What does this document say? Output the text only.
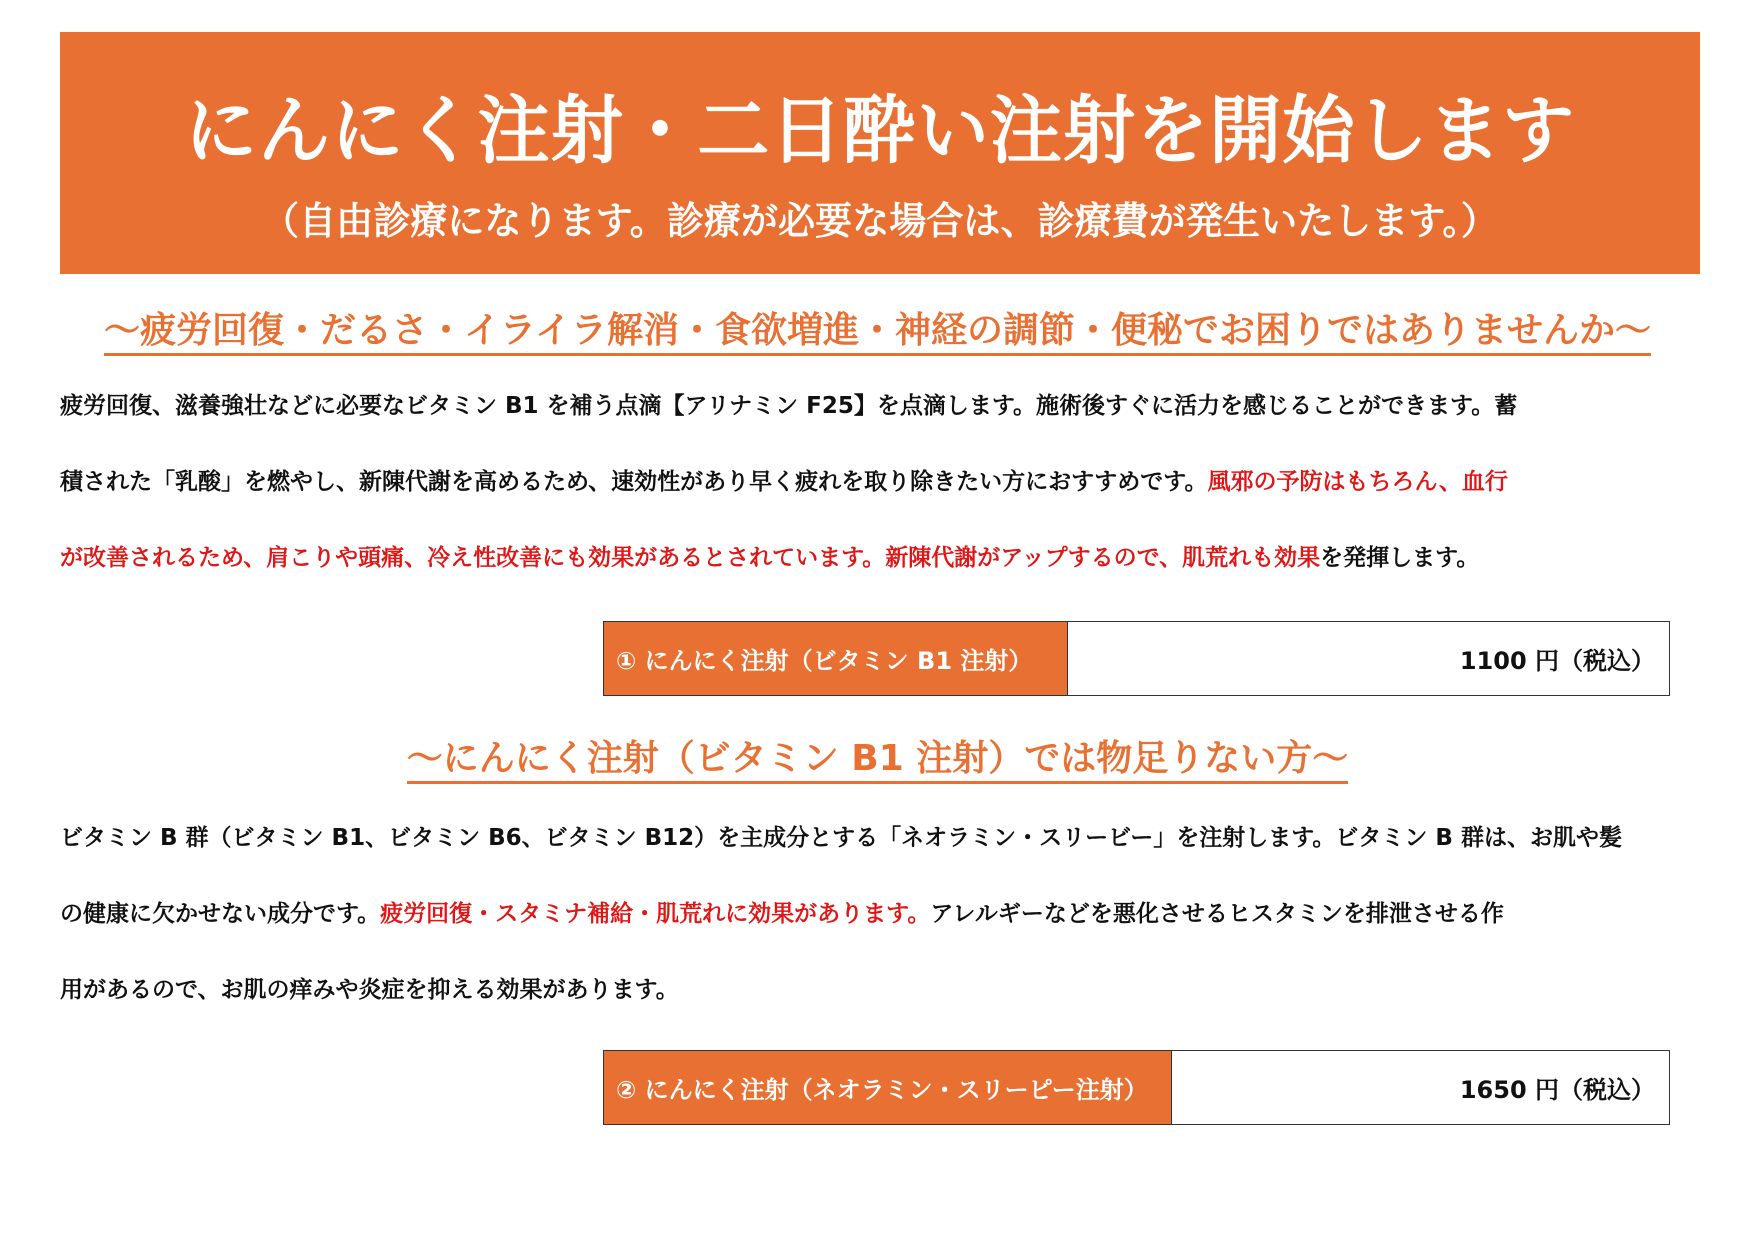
にんにく注射・二日酔い注射を開始します
（自由診療になります。診療が必要な場合は、診療費が発生いたします。）
～疲労回復・だるさ・イライラ解消・食欲増進・神経の調節・便秘でお困りではありませんか～
疲労回復、滋養強壮などに必要なビタミン B1 を補う点滴【アリナミン F25】を点滴します。施術後すぐに活力を感じることができます。蓄
積された「乳酸」を燃やし、新陳代謝を高めるため、速効性があり早く疲れを取り除きたい方におすすめです。風邪の予防はもちろん、血行
が改善されるため、肩こりや頭痛、冷え性改善にも効果があるとされています。新陳代謝がアップするので、肌荒れも効果を発揮します。
① にんにく注射（ビタミン B1 注射）	1100 円（税込）
～にんにく注射（ビタミン B1 注射）では物足りない方～
ビタミン B 群（ビタミン B1、ビタミン B6、ビタミン B12）を主成分とする「ネオラミン・スリービー」を注射します。ビタミン B 群は、お肌や髪
の健康に欠かせない成分です。疲労回復・スタミナ補給・肌荒れに効果があります。アレルギーなどを悪化させるヒスタミンを排泄させる作
用があるので、お肌の痒みや炎症を抑える効果があります。
② にんにく注射（ネオラミン・スリーピー注射）	1650 円（税込）
